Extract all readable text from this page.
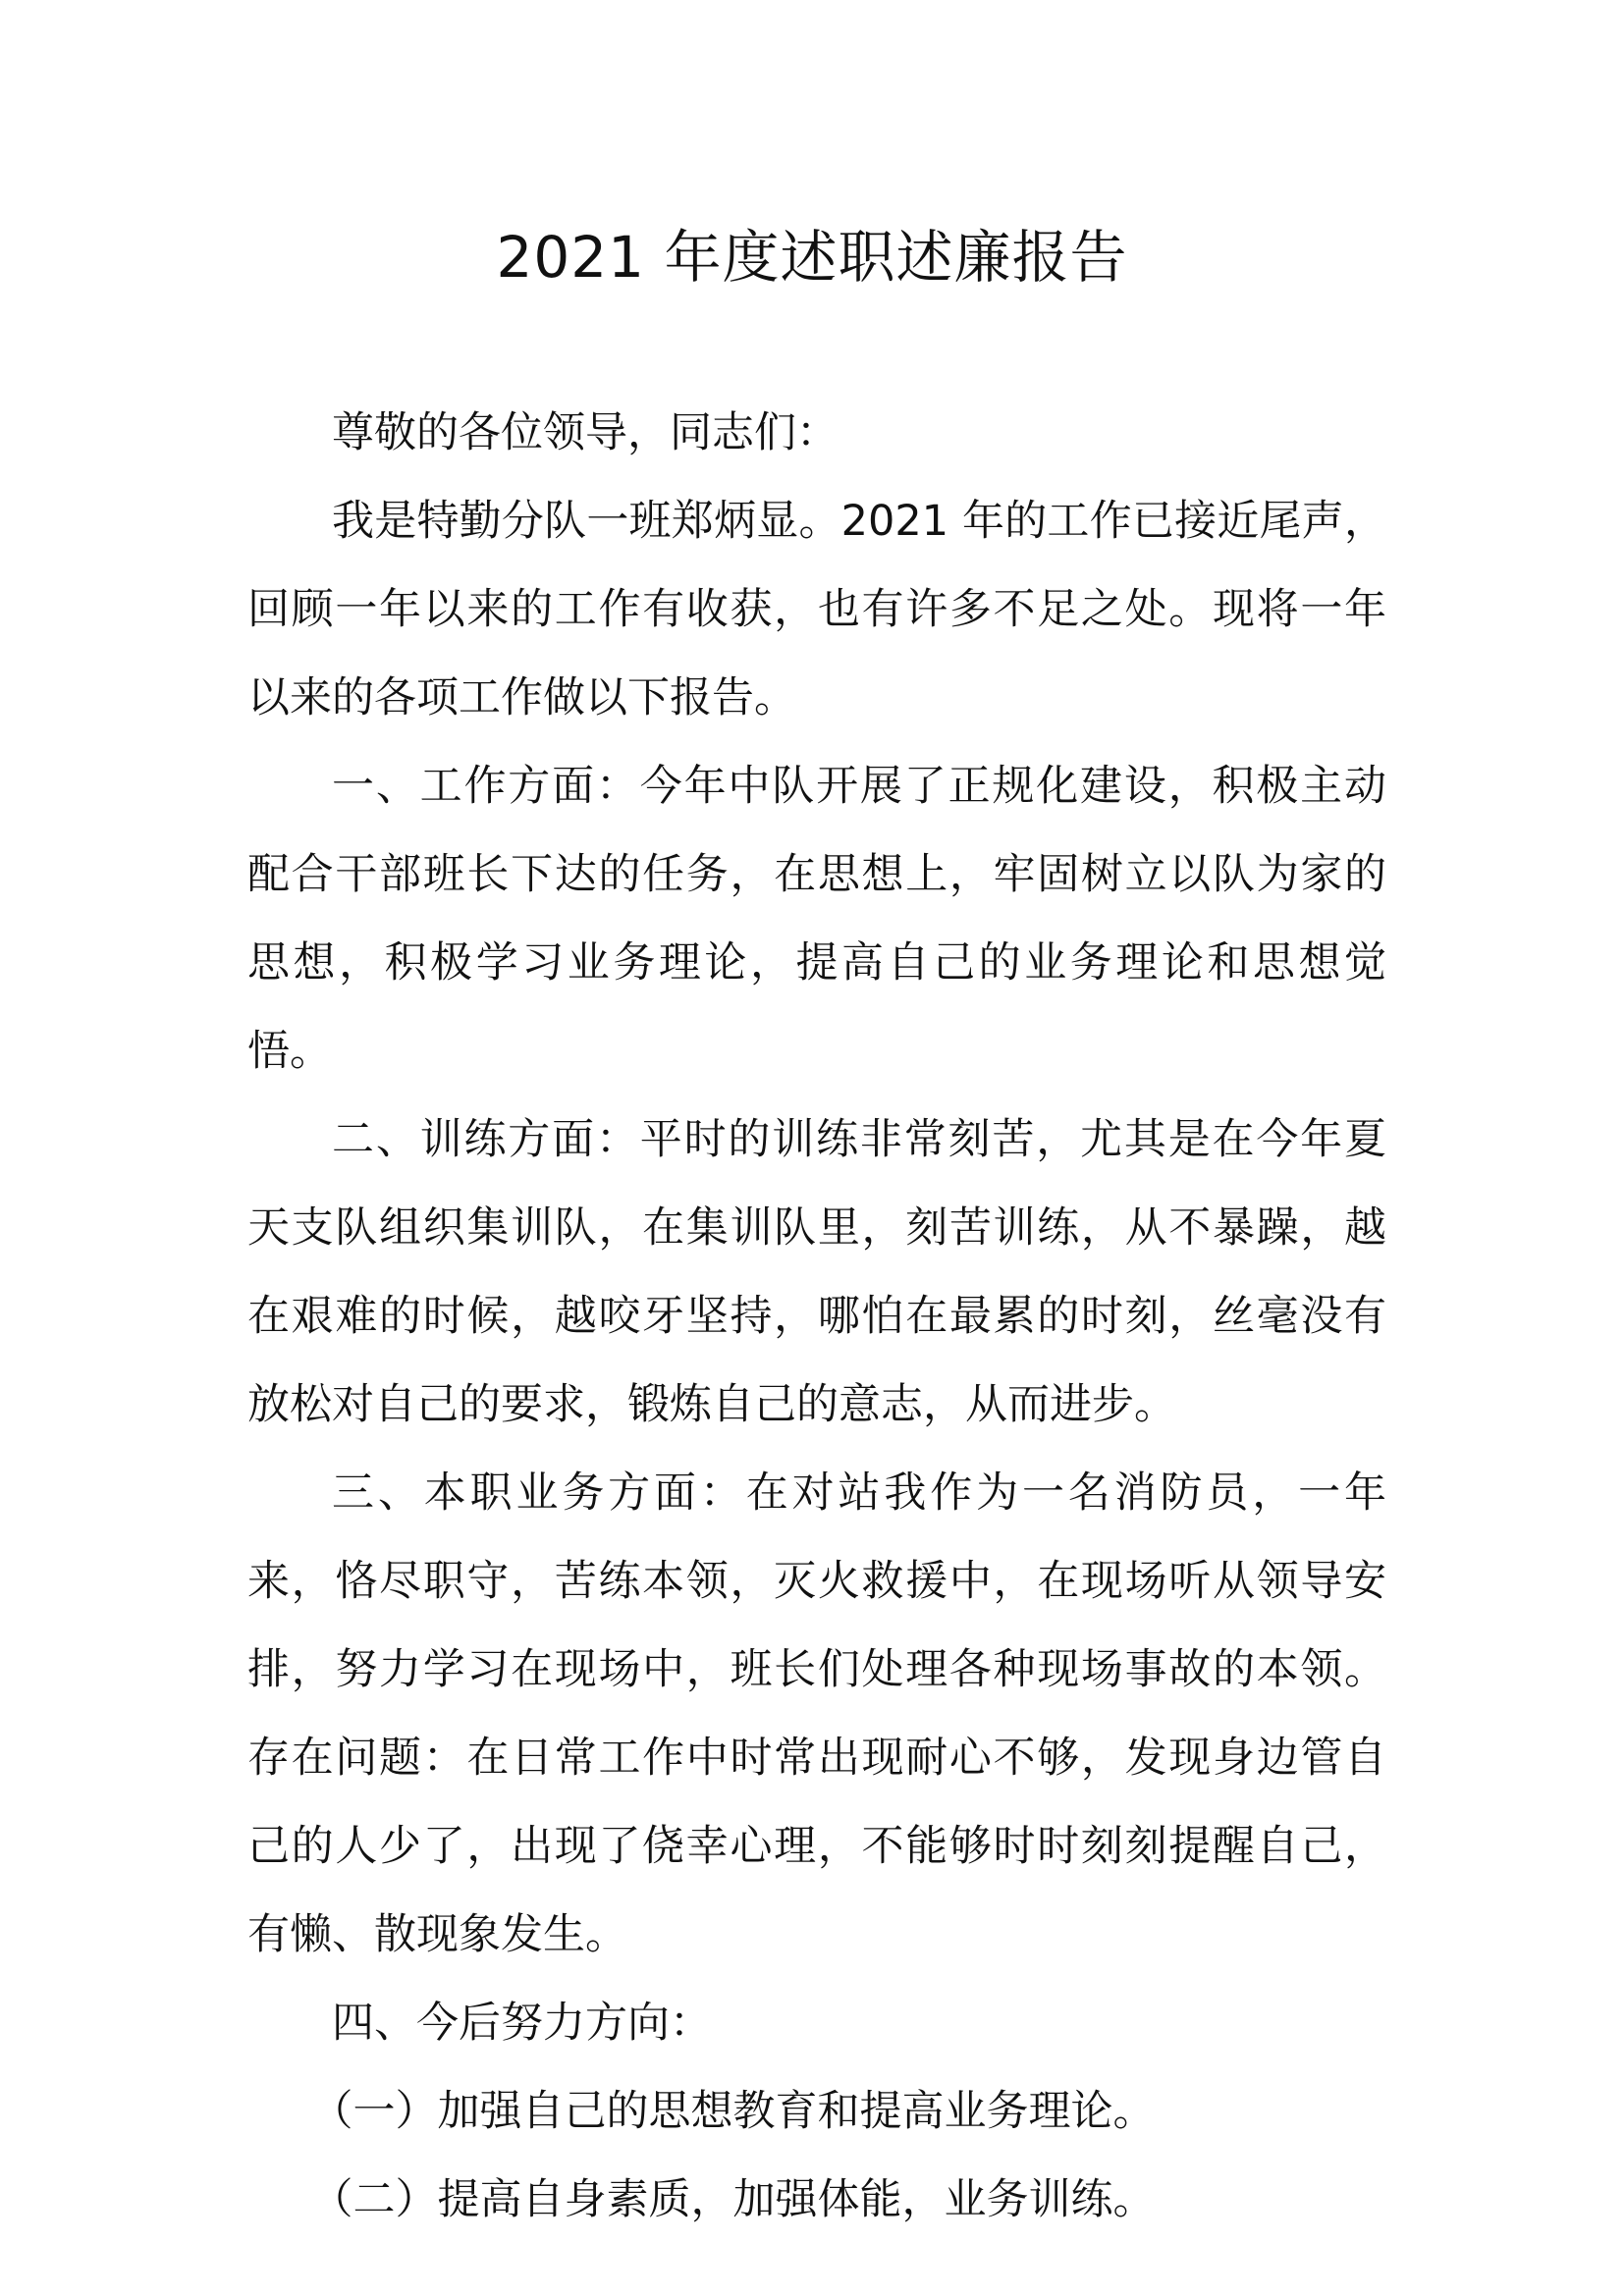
2021 年度述职述廉报告

尊敬的各位领导，同志们：

我是特勤分队一班郑炳显。2021 年的工作已接近尾声，回顾一年以来的工作有收获，也有许多不足之处。现将一年以来的各项工作做以下报告。

一、工作方面：今年中队开展了正规化建设，积极主动配合干部班长下达的任务，在思想上，牢固树立以队为家的思想，积极学习业务理论，提高自己的业务理论和思想觉悟。

二、训练方面：平时的训练非常刻苦，尤其是在今年夏天支队组织集训队，在集训队里，刻苦训练，从不暴躁，越在艰难的时候，越咬牙坚持，哪怕在最累的时刻，丝毫没有放松对自己的要求，锻炼自己的意志，从而进步。

三、本职业务方面：在对站我作为一名消防员，一年来，恪尽职守，苦练本领，灭火救援中，在现场听从领导安排，努力学习在现场中，班长们处理各种现场事故的本领。存在问题：在日常工作中时常出现耐心不够，发现身边管自己的人少了，出现了侥幸心理，不能够时时刻刻提醒自己，有懒、散现象发生。

四、今后努力方向：

（一）加强自己的思想教育和提高业务理论。

（二）提高自身素质，加强体能，业务训练。
